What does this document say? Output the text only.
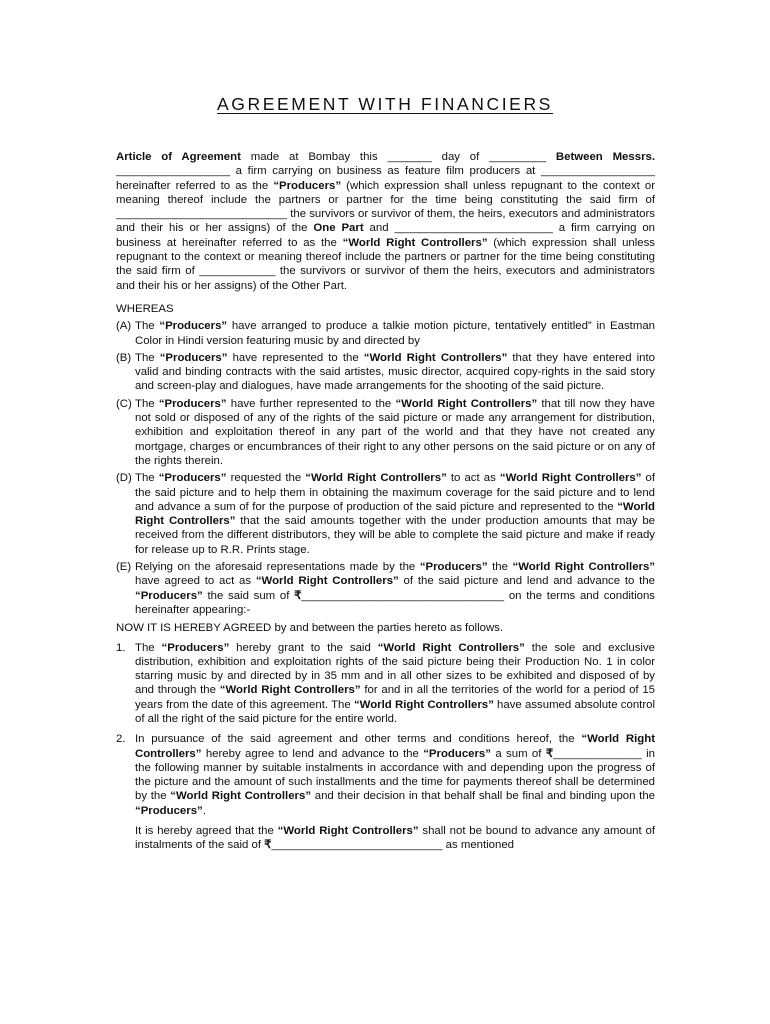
AGREEMENT WITH FINANCIERS

Article of Agreement made at Bombay this _______ day of _________ Between Messrs. __________________ a firm carrying on business as feature film producers at __________________ hereinafter referred to as the “Producers” (which expression shall unless repugnant to the context or meaning thereof include the partners or partner for the time being constituting the said firm of ___________________________ the survivors or survivor of them, the heirs, executors and administrators and their his or her assigns) of the One Part and _________________________ a firm carrying on business at hereinafter referred to as the “World Right Controllers” (which expression shall unless repugnant to the context or meaning thereof include the partners or partner for the time being constituting the said firm of ____________ the survivors or survivor of them the heirs, executors and administrators and their his or her assigns) of the Other Part.

WHEREAS

(A) The “Producers” have arranged to produce a talkie motion picture, tentatively entitled” in Eastman Color in Hindi version featuring music by and directed by

(B) The “Producers” have represented to the “World Right Controllers” that they have entered into valid and binding contracts with the said artistes, music director, acquired copy-rights in the said story and screen-play and dialogues, have made arrangements for the shooting of the said picture.

(C) The “Producers” have further represented to the “World Right Controllers” that till now they have not sold or disposed of any of the rights of the said picture or made any arrangement for distribution, exhibition and exploitation thereof in any part of the world and that they have not created any mortgage, charges or encumbrances of their right to any other persons on the said picture or on any of the rights therein.

(D) The “Producers” requested the “World Right Controllers” to act as “World Right Controllers” of the said picture and to help them in obtaining the maximum coverage for the said picture and to lend and advance a sum of for the purpose of production of the said picture and represented to the “World Right Controllers” that the said amounts together with the under production amounts that may be received from the different distributors, they will be able to complete the said picture and make if ready for release up to R.R. Prints stage.

(E) Relying on the aforesaid representations made by the “Producers” the “World Right Controllers” have agreed to act as “World Right Controllers” of the said picture and lend and advance to the “Producers” the said sum of ₹________________________________ on the terms and conditions hereinafter appearing:-

NOW IT IS HEREBY AGREED by and between the parties hereto as follows.

1. The “Producers” hereby grant to the said “World Right Controllers” the sole and exclusive distribution, exhibition and exploitation rights of the said picture being their Production No. 1 in color starring music by and directed by in 35 mm and in all other sizes to be exhibited and disposed of by and through the “World Right Controllers” for and in all the territories of the world for a period of 15 years from the date of this agreement. The “World Right Controllers” have assumed absolute control of all the right of the said picture for the entire world.

2. In pursuance of the said agreement and other terms and conditions hereof, the “World Right Controllers” hereby agree to lend and advance to the “Producers” a sum of ₹______________ in the following manner by suitable instalments in accordance with and depending upon the progress of the picture and the amount of such installments and the time for payments thereof shall be determined by the “World Right Controllers” and their decision in that behalf shall be final and binding upon the “Producers”.

It is hereby agreed that the “World Right Controllers” shall not be bound to advance any amount of instalments of the said of ₹___________________________ as mentioned
